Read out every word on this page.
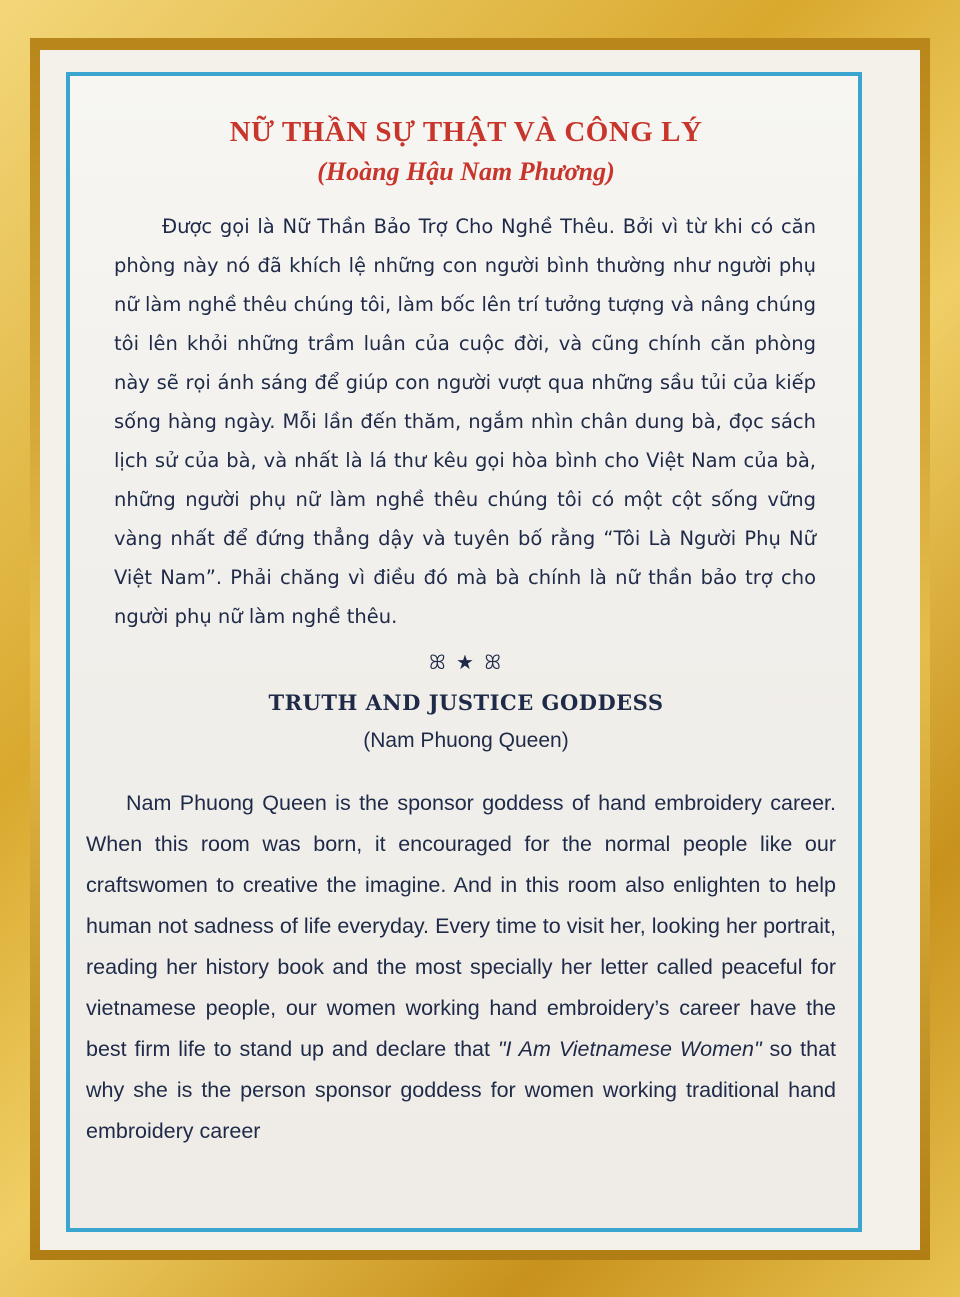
NỮ THẦN SỰ THẬT VÀ CÔNG LÝ
(Hoàng Hậu Nam Phương)

Được gọi là Nữ Thần Bảo Trợ Cho Nghề Thêu. Bởi vì từ khi có căn phòng này nó đã khích lệ những con người bình thường như người phụ nữ làm nghề thêu chúng tôi, làm bốc lên trí tưởng tượng và nâng chúng tôi lên khỏi những trầm luân của cuộc đời, và cũng chính căn phòng này sẽ rọi ánh sáng để giúp con người vượt qua những sầu tủi của kiếp sống hàng ngày. Mỗi lần đến thăm, ngắm nhìn chân dung bà, đọc sách lịch sử của bà, và nhất là lá thư kêu gọi hòa bình cho Việt Nam của bà, những người phụ nữ làm nghề thêu chúng tôi có một cột sống vững vàng nhất để đứng thẳng dậy và tuyên bố rằng “Tôi Là Người Phụ Nữ Việt Nam”. Phải chăng vì điều đó mà bà chính là nữ thần bảo trợ cho người phụ nữ làm nghề thêu.

ꕤ ★ ꕤ
TRUTH AND JUSTICE GODDESS
(Nam Phuong Queen)

Nam Phuong Queen is the sponsor goddess of hand embroidery career. When this room was born, it encouraged for the normal people like our craftswomen to creative the imagine. And in this room also enlighten to help human not sadness of life everyday. Every time to visit her, looking her portrait, reading her history book and the most specially her letter called peaceful for vietnamese people, our women working hand embroidery’s career have the best firm life to stand up and declare that "I Am Vietnamese Women" so that why she is the person sponsor goddess for women working traditional hand embroidery career
